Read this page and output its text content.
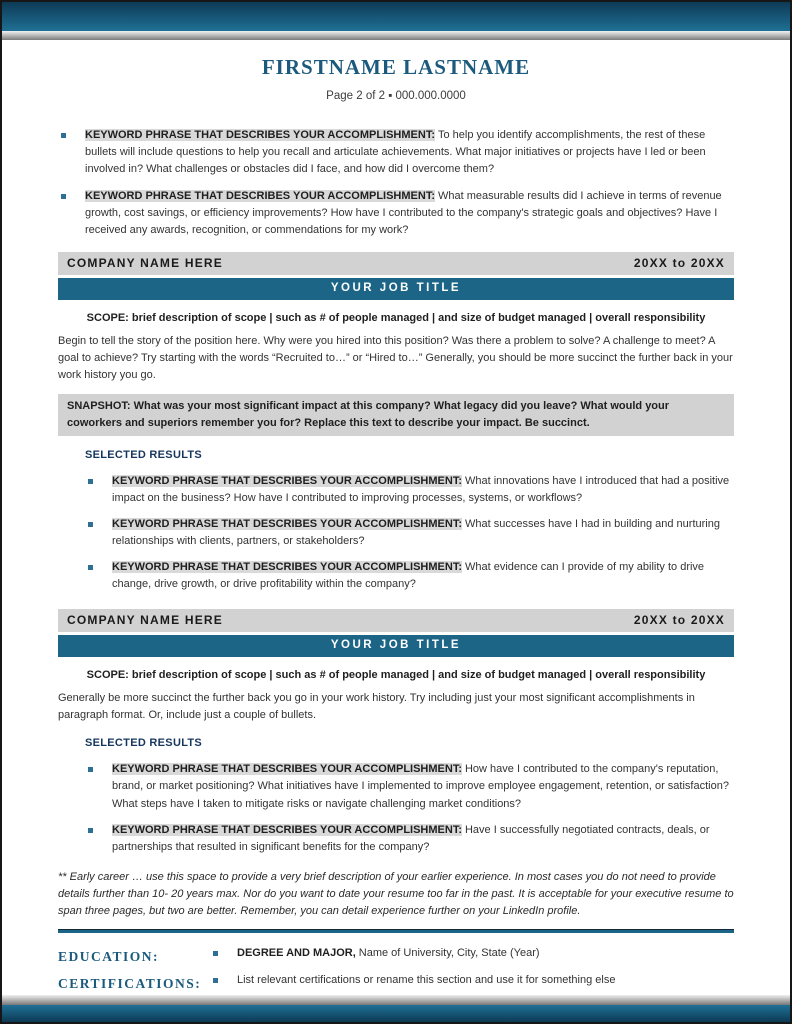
FIRSTNAME LASTNAME
Page 2 of 2 ▪ 000.000.0000
KEYWORD PHRASE THAT DESCRIBES YOUR ACCOMPLISHMENT: To help you identify accomplishments, the rest of these bullets will include questions to help you recall and articulate achievements. What major initiatives or projects have I led or been involved in? What challenges or obstacles did I face, and how did I overcome them?
KEYWORD PHRASE THAT DESCRIBES YOUR ACCOMPLISHMENT: What measurable results did I achieve in terms of revenue growth, cost savings, or efficiency improvements? How have I contributed to the company's strategic goals and objectives? Have I received any awards, recognition, or commendations for my work?
COMPANY NAME HERE	20XX to 20XX
YOUR JOB TITLE
SCOPE: brief description of scope | such as # of people managed | and size of budget managed | overall responsibility
Begin to tell the story of the position here. Why were you hired into this position? Was there a problem to solve? A challenge to meet? A goal to achieve? Try starting with the words “Recruited to…” or “Hired to…” Generally, you should be more succinct the further back in your work history you go.
SNAPSHOT: What was your most significant impact at this company? What legacy did you leave? What would your coworkers and superiors remember you for? Replace this text to describe your impact. Be succinct.
SELECTED RESULTS
KEYWORD PHRASE THAT DESCRIBES YOUR ACCOMPLISHMENT: What innovations have I introduced that had a positive impact on the business? How have I contributed to improving processes, systems, or workflows?
KEYWORD PHRASE THAT DESCRIBES YOUR ACCOMPLISHMENT: What successes have I had in building and nurturing relationships with clients, partners, or stakeholders?
KEYWORD PHRASE THAT DESCRIBES YOUR ACCOMPLISHMENT: What evidence can I provide of my ability to drive change, drive growth, or drive profitability within the company?
COMPANY NAME HERE	20XX to 20XX
YOUR JOB TITLE
SCOPE: brief description of scope | such as # of people managed | and size of budget managed | overall responsibility
Generally be more succinct the further back you go in your work history. Try including just your most significant accomplishments in paragraph format. Or, include just a couple of bullets.
SELECTED RESULTS
KEYWORD PHRASE THAT DESCRIBES YOUR ACCOMPLISHMENT: How have I contributed to the company's reputation, brand, or market positioning? What initiatives have I implemented to improve employee engagement, retention, or satisfaction? What steps have I taken to mitigate risks or navigate challenging market conditions?
KEYWORD PHRASE THAT DESCRIBES YOUR ACCOMPLISHMENT: Have I successfully negotiated contracts, deals, or partnerships that resulted in significant benefits for the company?
** Early career … use this space to provide a very brief description of your earlier experience. In most cases you do not need to provide details further than 10- 20 years max. Nor do you want to date your resume too far in the past. It is acceptable for your executive resume to span three pages, but two are better. Remember, you can detail experience further on your LinkedIn profile.
EDUCATION:	DEGREE AND MAJOR, Name of University, City, State (Year)
CERTIFICATIONS:	List relevant certifications or rename this section and use it for something else
